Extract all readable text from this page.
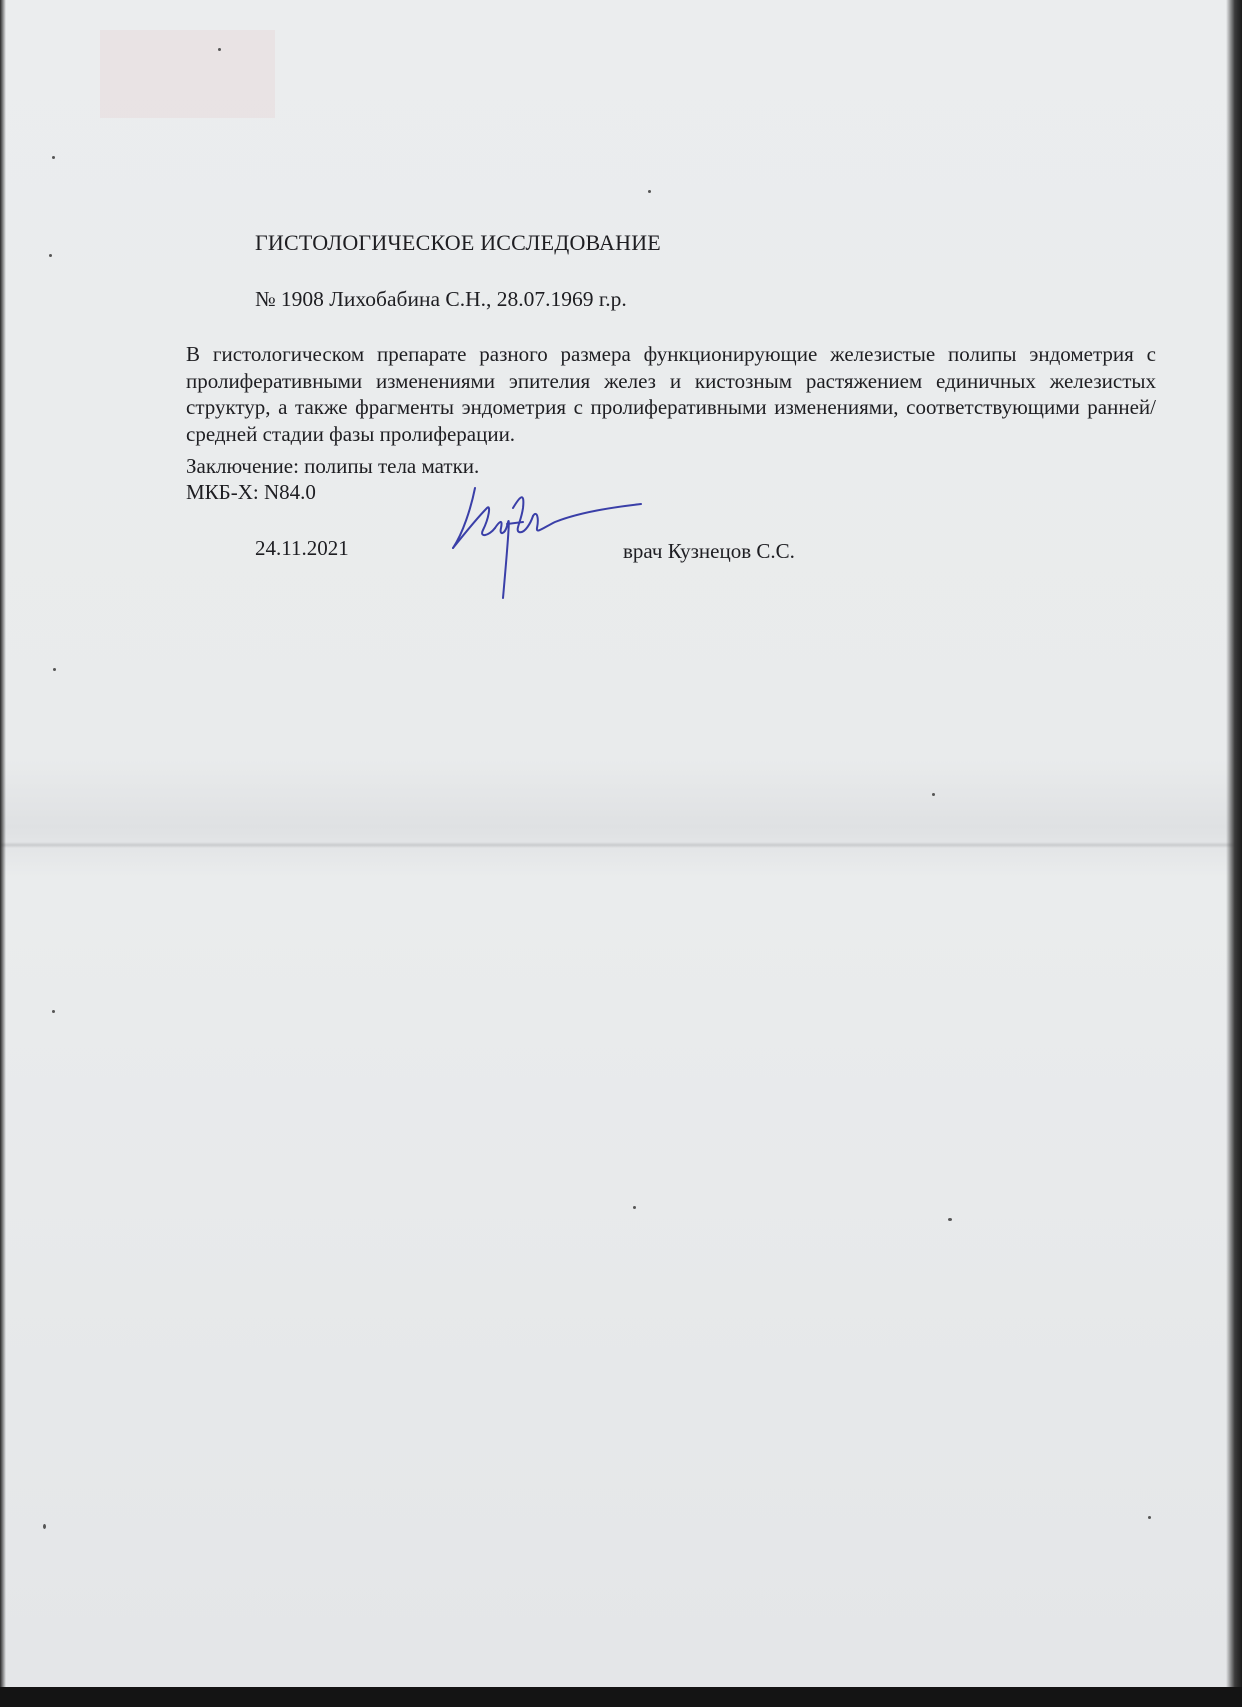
ГИСТОЛОГИЧЕСКОЕ ИССЛЕДОВАНИЕ
№ 1908 Лихобабина С.Н., 28.07.1969 г.р.
В гистологическом препарате разного размера функционирующие железистые полипы эндометрия с пролиферативными изменениями эпителия желез и кистозным растяжением единичных железистых структур, а также фрагменты эндометрия с пролиферативными изменениями, соответствующими ранней/средней стадии фазы пролиферации.
Заключение: полипы тела матки.
МКБ-X: N84.0
24.11.2021	врач Кузнецов С.С.
